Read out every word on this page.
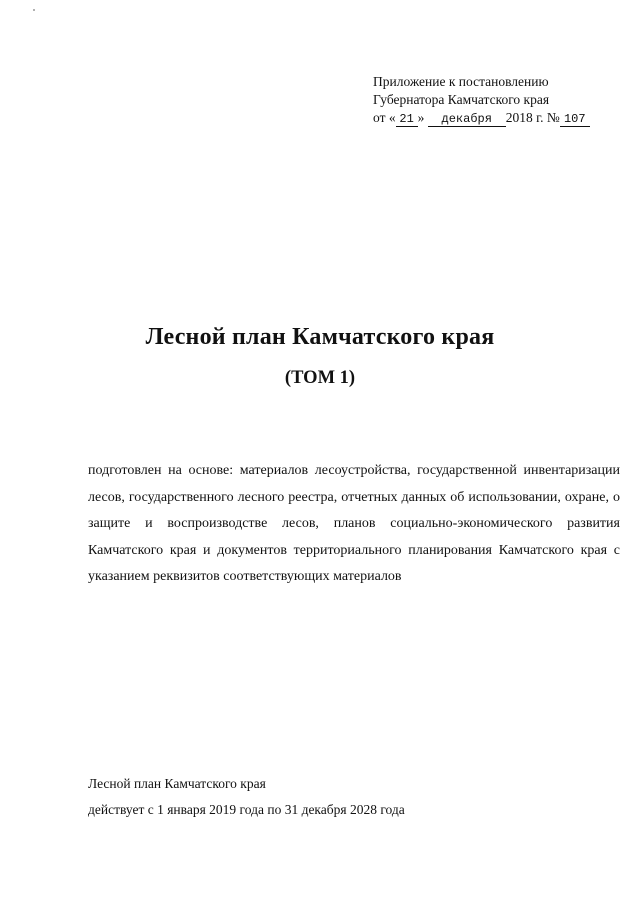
Приложение к постановлению
Губернатора Камчатского края
от « 21 » декабря 2018 г. № 107
Лесной план Камчатского края
(ТОМ 1)
подготовлен на основе: материалов лесоустройства, государственной инвентаризации лесов, государственного лесного реестра, отчетных данных об использовании, охране, о защите и воспроизводстве лесов, планов социально-экономического развития Камчатского края и документов территориального планирования Камчатского края с указанием реквизитов соответствующих материалов
Лесной план Камчатского края
действует с 1 января 2019 года по 31 декабря 2028 года
